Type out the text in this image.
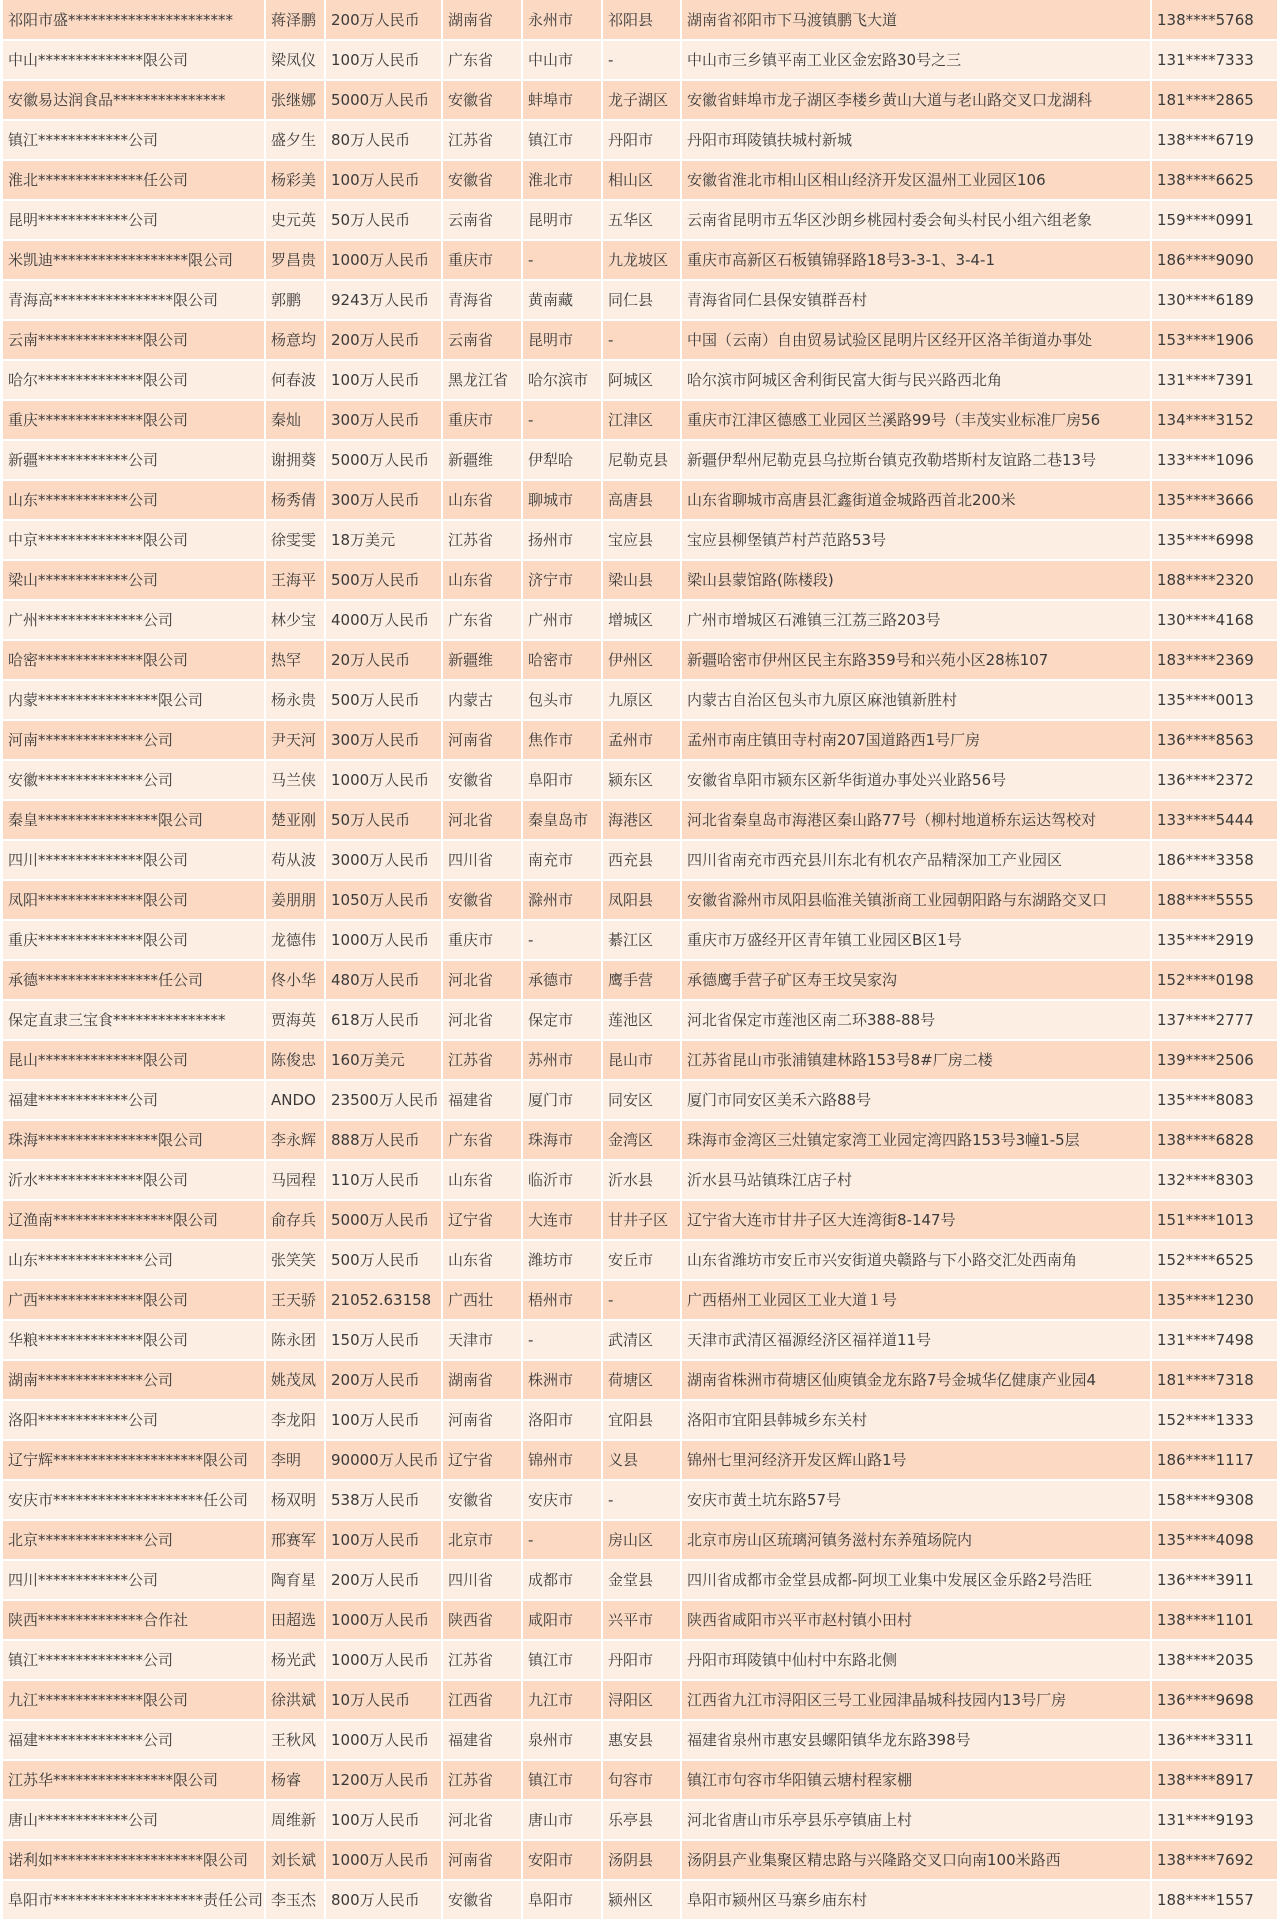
祁阳市盛**********************	蒋泽鹏	200万人民币	湖南省	永州市	祁阳县	湖南省祁阳市下马渡镇鹏飞大道	138****5768
中山**************限公司	梁凤仪	100万人民币	广东省	中山市	-	中山市三乡镇平南工业区金宏路30号之三	131****7333
安徽易达润食品***************	张继娜	5000万人民币	安徽省	蚌埠市	龙子湖区	安徽省蚌埠市龙子湖区李楼乡黄山大道与老山路交叉口龙湖科	181****2865
镇江************公司	盛夕生	80万人民币	江苏省	镇江市	丹阳市	丹阳市珥陵镇扶城村新城	138****6719
淮北**************任公司	杨彩美	100万人民币	安徽省	淮北市	相山区	安徽省淮北市相山区相山经济开发区温州工业园区106	138****6625
昆明************公司	史元英	50万人民币	云南省	昆明市	五华区	云南省昆明市五华区沙朗乡桃园村委会甸头村民小组六组老象	159****0991
米凯迪******************限公司	罗昌贵	1000万人民币	重庆市	-	九龙坡区	重庆市高新区石板镇锦驿路18号3-3-1、3-4-1	186****9090
青海高****************限公司	郭鹏	9243万人民币	青海省	黄南藏	同仁县	青海省同仁县保安镇群吾村	130****6189
云南**************限公司	杨意均	200万人民币	云南省	昆明市	-	中国（云南）自由贸易试验区昆明片区经开区洛羊街道办事处	153****1906
哈尔**************限公司	何春波	100万人民币	黑龙江省	哈尔滨市	阿城区	哈尔滨市阿城区舍利街民富大街与民兴路西北角	131****7391
重庆**************限公司	秦灿	300万人民币	重庆市	-	江津区	重庆市江津区德感工业园区兰溪路99号（丰茂实业标准厂房56	134****3152
新疆************公司	谢拥葵	5000万人民币	新疆维	伊犁哈	尼勒克县	新疆伊犁州尼勒克县乌拉斯台镇克孜勒塔斯村友谊路二巷13号	133****1096
山东************公司	杨秀倩	300万人民币	山东省	聊城市	高唐县	山东省聊城市高唐县汇鑫街道金城路西首北200米	135****3666
中京**************限公司	徐雯雯	18万美元	江苏省	扬州市	宝应县	宝应县柳堡镇芦村芦范路53号	135****6998
梁山************公司	王海平	500万人民币	山东省	济宁市	梁山县	梁山县蒙馆路(陈楼段)	188****2320
广州**************公司	林少宝	4000万人民币	广东省	广州市	增城区	广州市增城区石滩镇三江荔三路203号	130****4168
哈密**************限公司	热罕	20万人民币	新疆维	哈密市	伊州区	新疆哈密市伊州区民主东路359号和兴苑小区28栋107	183****2369
内蒙****************限公司	杨永贵	500万人民币	内蒙古	包头市	九原区	内蒙古自治区包头市九原区麻池镇新胜村	135****0013
河南**************公司	尹天河	300万人民币	河南省	焦作市	孟州市	孟州市南庄镇田寺村南207国道路西1号厂房	136****8563
安徽**************公司	马兰侠	1000万人民币	安徽省	阜阳市	颍东区	安徽省阜阳市颍东区新华街道办事处兴业路56号	136****2372
秦皇****************限公司	楚亚刚	50万人民币	河北省	秦皇岛市	海港区	河北省秦皇岛市海港区秦山路77号（柳村地道桥东运达驾校对	133****5444
四川**************限公司	苟从波	3000万人民币	四川省	南充市	西充县	四川省南充市西充县川东北有机农产品精深加工产业园区	186****3358
凤阳**************限公司	姜朋朋	1050万人民币	安徽省	滁州市	凤阳县	安徽省滁州市凤阳县临淮关镇浙商工业园朝阳路与东湖路交叉口	188****5555
重庆**************限公司	龙德伟	1000万人民币	重庆市	-	綦江区	重庆市万盛经开区青年镇工业园区B区1号	135****2919
承德****************任公司	佟小华	480万人民币	河北省	承德市	鹰手营	承德鹰手营子矿区寿王坟吴家沟	152****0198
保定直隶三宝食***************	贾海英	618万人民币	河北省	保定市	莲池区	河北省保定市莲池区南二环388-88号	137****2777
昆山**************限公司	陈俊忠	160万美元	江苏省	苏州市	昆山市	江苏省昆山市张浦镇建林路153号8#厂房二楼	139****2506
福建************公司	ANDO	23500万人民币	福建省	厦门市	同安区	厦门市同安区美禾六路88号	135****8083
珠海****************限公司	李永辉	888万人民币	广东省	珠海市	金湾区	珠海市金湾区三灶镇定家湾工业园定湾四路153号3幢1-5层	138****6828
沂水**************限公司	马园程	110万人民币	山东省	临沂市	沂水县	沂水县马站镇珠江店子村	132****8303
辽渔南****************限公司	俞存兵	5000万人民币	辽宁省	大连市	甘井子区	辽宁省大连市甘井子区大连湾街8-147号	151****1013
山东**************公司	张笑笑	500万人民币	山东省	潍坊市	安丘市	山东省潍坊市安丘市兴安街道央赣路与下小路交汇处西南角	152****6525
广西**************限公司	王天骄	21052.63158	广西壮	梧州市	-	广西梧州工业园区工业大道１号	135****1230
华粮**************限公司	陈永团	150万人民币	天津市	-	武清区	天津市武清区福源经济区福祥道11号	131****7498
湖南**************公司	姚茂凤	200万人民币	湖南省	株洲市	荷塘区	湖南省株洲市荷塘区仙庾镇金龙东路7号金城华亿健康产业园4	181****7318
洛阳************公司	李龙阳	100万人民币	河南省	洛阳市	宜阳县	洛阳市宜阳县韩城乡东关村	152****1333
辽宁辉********************限公司	李明	90000万人民币	辽宁省	锦州市	义县	锦州七里河经济开发区辉山路1号	186****1117
安庆市********************任公司	杨双明	538万人民币	安徽省	安庆市	-	安庆市黄土坑东路57号	158****9308
北京**************公司	邢赛军	100万人民币	北京市	-	房山区	北京市房山区琉璃河镇务滋村东养殖场院内	135****4098
四川************公司	陶育星	200万人民币	四川省	成都市	金堂县	四川省成都市金堂县成都-阿坝工业集中发展区金乐路2号浩旺	136****3911
陕西**************合作社	田超选	1000万人民币	陕西省	咸阳市	兴平市	陕西省咸阳市兴平市赵村镇小田村	138****1101
镇江**************公司	杨光武	1000万人民币	江苏省	镇江市	丹阳市	丹阳市珥陵镇中仙村中东路北侧	138****2035
九江**************限公司	徐洪斌	10万人民币	江西省	九江市	浔阳区	江西省九江市浔阳区三号工业园津晶城科技园内13号厂房	136****9698
福建**************公司	王秋风	1000万人民币	福建省	泉州市	惠安县	福建省泉州市惠安县螺阳镇华龙东路398号	136****3311
江苏华****************限公司	杨睿	1200万人民币	江苏省	镇江市	句容市	镇江市句容市华阳镇云塘村程家棚	138****8917
唐山************公司	周维新	100万人民币	河北省	唐山市	乐亭县	河北省唐山市乐亭县乐亭镇庙上村	131****9193
诺利如********************限公司	刘长斌	1000万人民币	河南省	安阳市	汤阴县	汤阴县产业集聚区精忠路与兴隆路交叉口向南100米路西	138****7692
阜阳市********************责任公司	李玉杰	800万人民币	安徽省	阜阳市	颍州区	阜阳市颍州区马寨乡庙东村	188****1557
